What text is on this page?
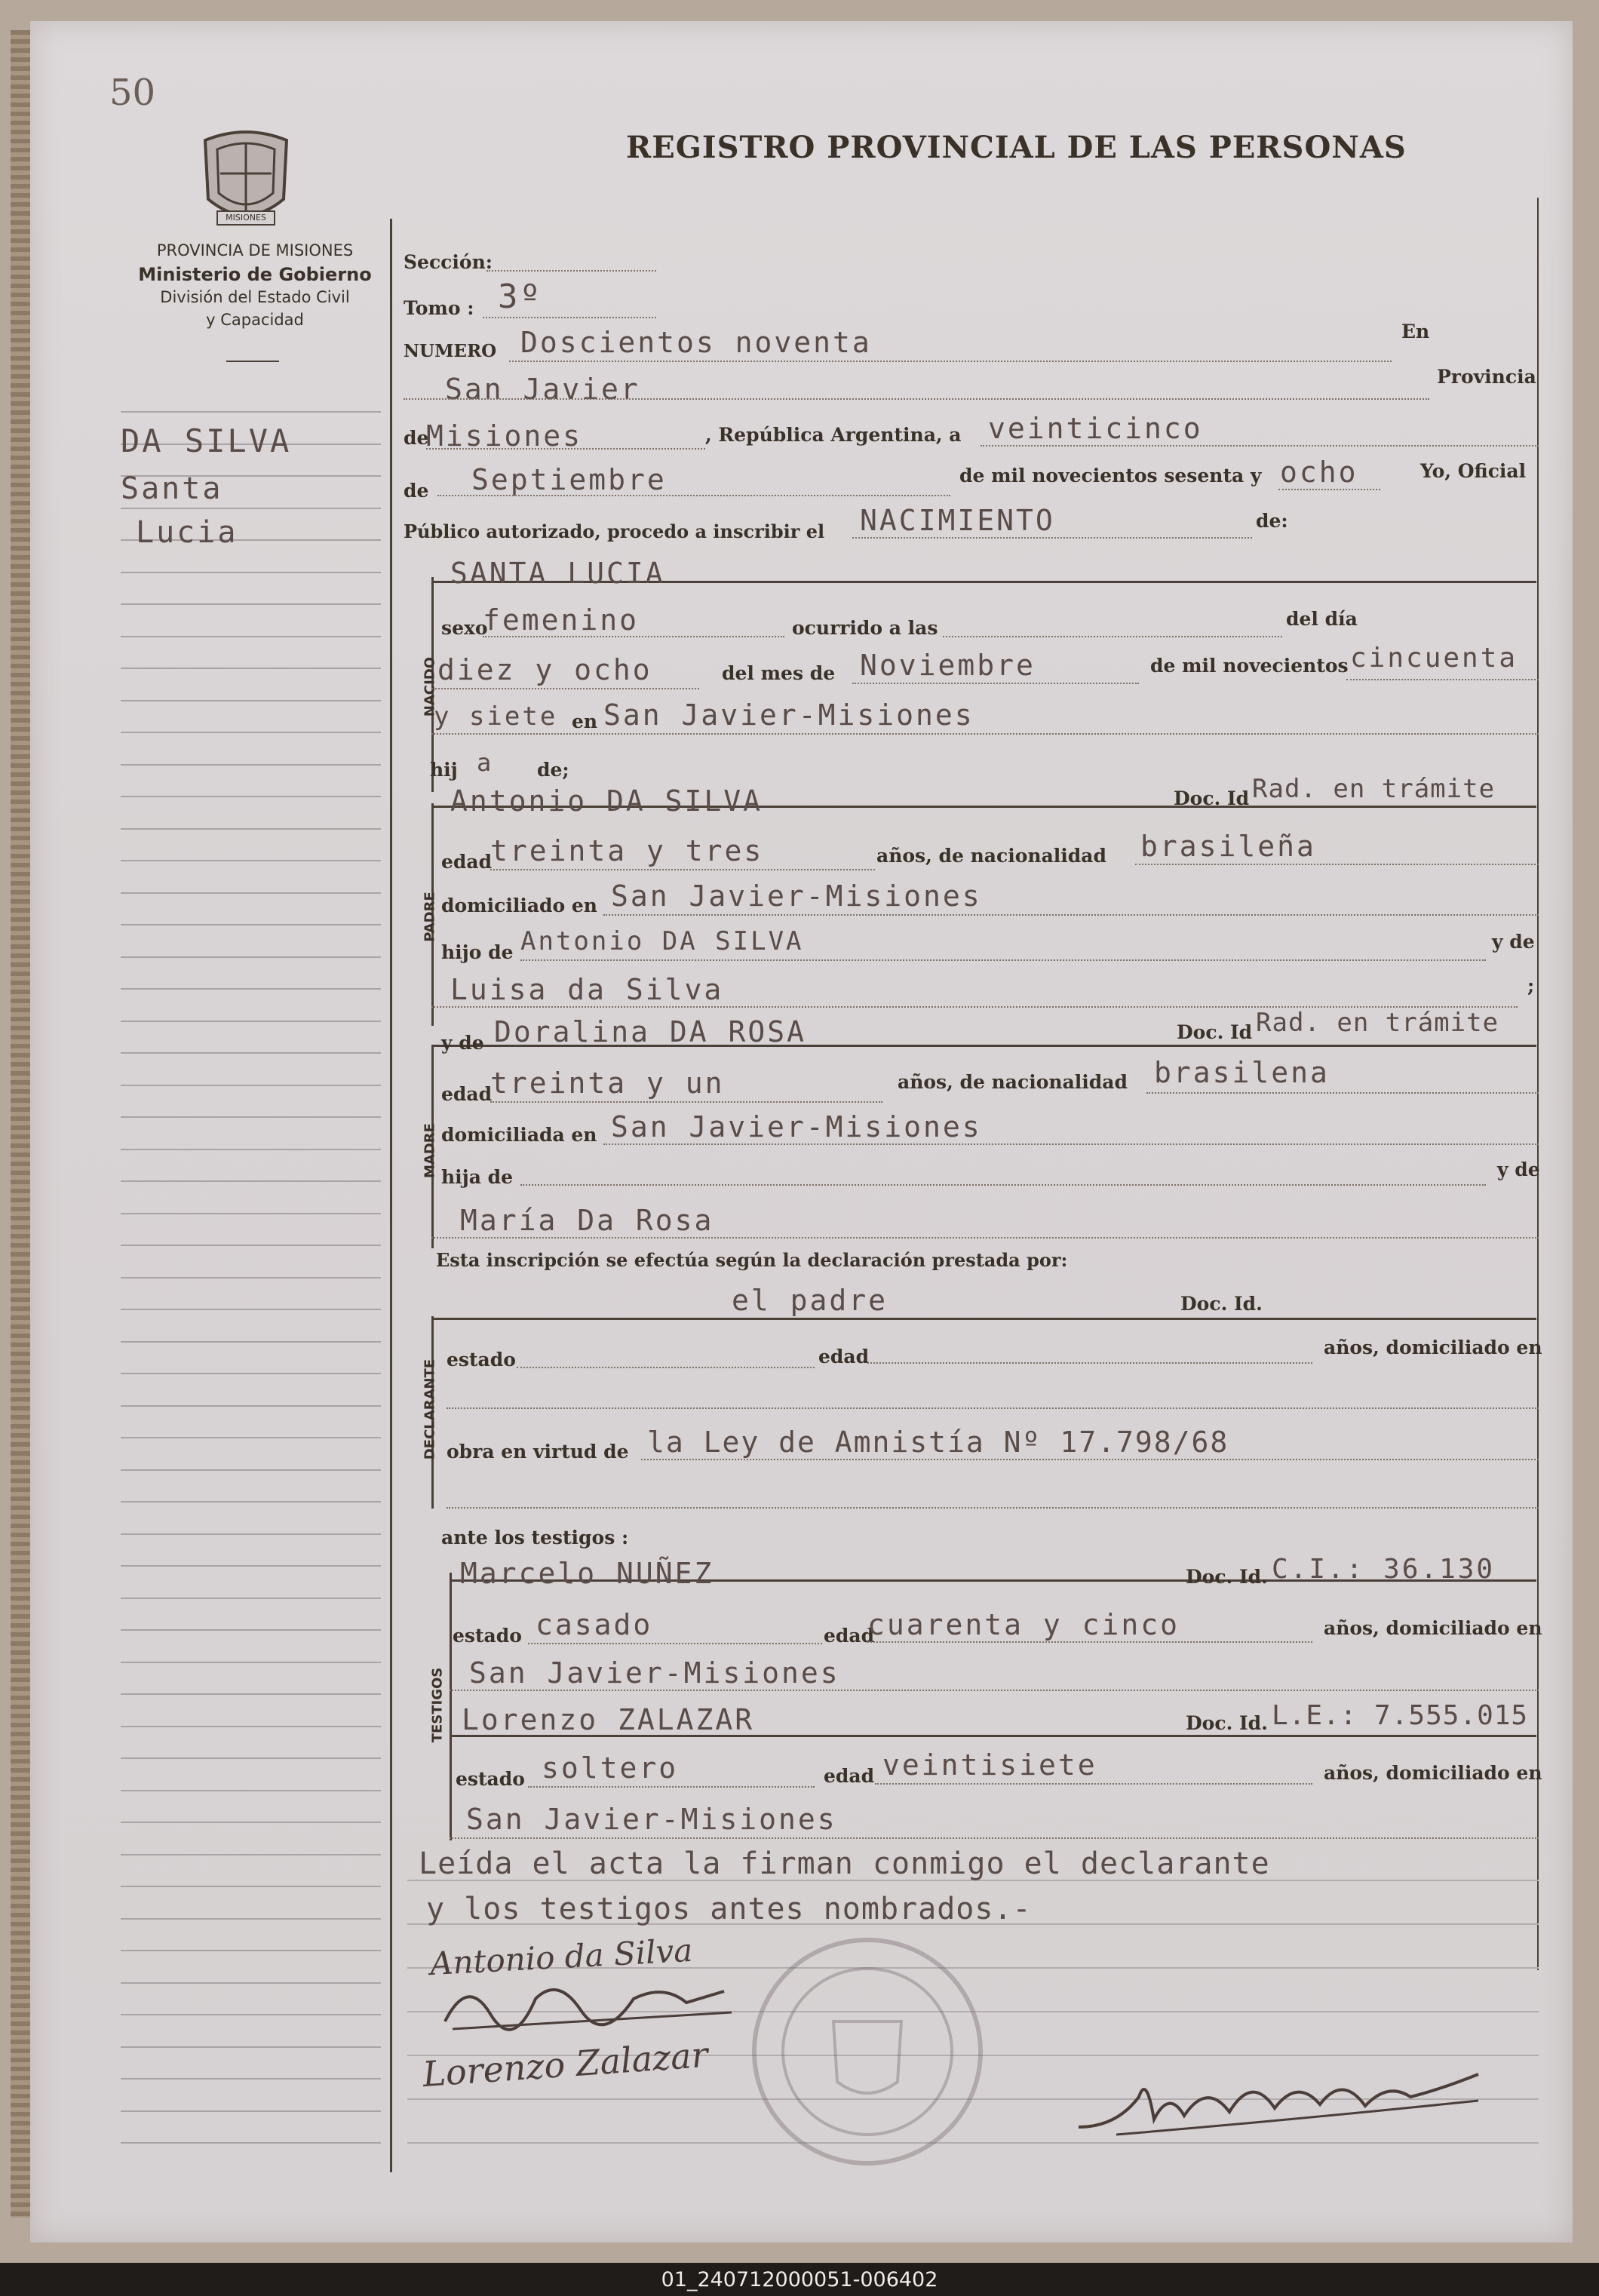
50
REGISTRO PROVINCIAL DE LAS PERSONAS
MISIONES
PROVINCIA DE MISIONES
Ministerio de Gobierno
División del Estado Civil
y Capacidad
DA SILVA
Santa
Lucia
Sección:
Tomo : 3º
NUMERO Doscientos noventa	En
San Javier	Provincia
de
Misiones	, República Argentina, a veinticinco
de Septiembre	de mil novecientos sesenta y ocho	Yo, Oficial
Público autorizado, procedo a inscribir el NACIMIENTO	de:
NACIDO
SANTA LUCIA
sexo
femenino	ocurrido a las	del día
diez y ocho	del mes de Noviembre	de mil novecientos cincuenta
y siete en San Javier-Misiones
hij a de;
PADRE
Antonio DA SILVA	Doc. Id Rad. en trámite
edad
treinta y tres	años, de nacionalidad brasileña
domiciliado en San Javier-Misiones
hijo de Antonio DA SILVA	y de
Luisa da Silva	;
MADRE
y de Doralina DA ROSA	Doc. Id Rad. en trámite
edad
treinta y un	años, de nacionalidad brasilena
domiciliada en San Javier-Misiones
hija de	y de
María Da Rosa
Esta inscripción se efectúa según la declaración prestada por:
DECLARANTE
el padre	Doc. Id.
estado	edad	años, domiciliado en
obra en virtud de la Ley de Amnistía Nº 17.798/68
ante los testigos :
TESTIGOS
Marcelo NUÑEZ	Doc. Id. C.I.: 36.130
estado casado	edad
cuarenta y cinco	años, domiciliado en
San Javier-Misiones
Lorenzo ZALAZAR	Doc. Id. L.E.: 7.555.015
estado soltero	edad veintisiete	años, domiciliado en
San Javier-Misiones
Leída el acta la firman conmigo el declarante
y los testigos antes nombrados.-
Antonio da Silva
Lorenzo Zalazar
01_240712000051-006402
